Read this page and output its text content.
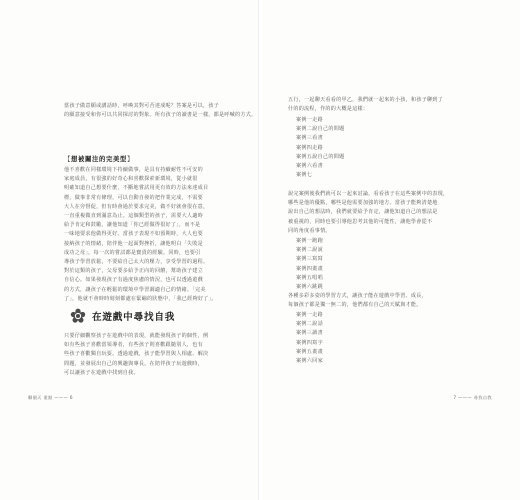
當孩子做意願或講話時，呼喚其對可否達成呢？答案是可以，孩子
的願意接受和你可以共同探討的對象。所有孩子的讀書是一樣，都是呼喊的方式。
【想被關注的完美型】
他不喜歡在同樣環境下持續做事，是具有持續耐性不可安的
家庭成員，有很強的好奇心和喜歡探索新環境，從小就很
明確知道自己想要什麼，不斷地嘗試用更有效的方法來達成目
標，做事非常有條理，可以自動自發的把作業完成，不需要
大人在旁督促，但有時會過於要求完美，做不好就會很在意，
一直重複做直到滿意為止。這個類型的孩子，需要大人適時
給予肯定和鼓勵，讓他知道「你已經做得很好了」，而不是
一味地要求他做得更好。當孩子表現不如預期時，大人也要
接納孩子的情緒，陪伴他一起面對挫折，讓他明白「失敗是
成功之母」，每一次的嘗試都是寶貴的經驗。同時，也要引
導孩子學習放鬆，不要給自己太大的壓力，享受學習的過程。
對於這類的孩子，父母要多給予正向的回饋，幫助孩子建立
自信心。如果發現孩子有過度焦慮的情況，也可以透過遊戲
的方式，讓孩子在輕鬆的環境中學習調適自己的情緒。「完美
了」，他就不會時時刻刻都處在緊繃的狀態中，「我已經夠好了」。
在遊戲中尋找自我
只要仔細觀察孩子在遊戲中的表現，就能發現孩子的個性，例
如有些孩子喜歡當領導者，有些孩子則喜歡跟隨別人，也有
些孩子喜歡獨自玩耍。透過遊戲，孩子能學習與人相處、解決
問題，並發展出自己的興趣與專長。在陪伴孩子玩遊戲時，
可以讓孩子在遊戲中找到自我。
聊個天 重點 ——— 6
五行，一起聊天看看的甲乙，我們就一起來的小孩，和孩子聊到了
什的的流程，作的的大概是這樣：
案例一走路
案例二說自己的問題
案例三看書
案例四走路
案例五說自己的問題
案例六看書
案例七
說完案例後我們就可以一起來討論，看看孩子在這些案例中的表現，
哪些是他的優點，哪些是他需要加強的地方。當孩子能夠清楚地
說出自己的想法時，我們就要給予肯定，讓他知道自己的想法是
被重視的，同時也要引導他思考其他的可能性，讓他學會從不
同的角度看事情。
案例一跑跑
案例二說說
案例三寫寫
案例四畫畫
案例五唱唱
案例六跳跳
各種多彩多姿的學習方式，讓孩子能在遊戲中學習、成長，
每個孩子都是獨一無二的，他們都有自己的天賦與才能。
案例一走路
案例二說話
案例三讀書
案例四寫字
案例五畫畫
案例六回家
7 ——— 尋找自我
